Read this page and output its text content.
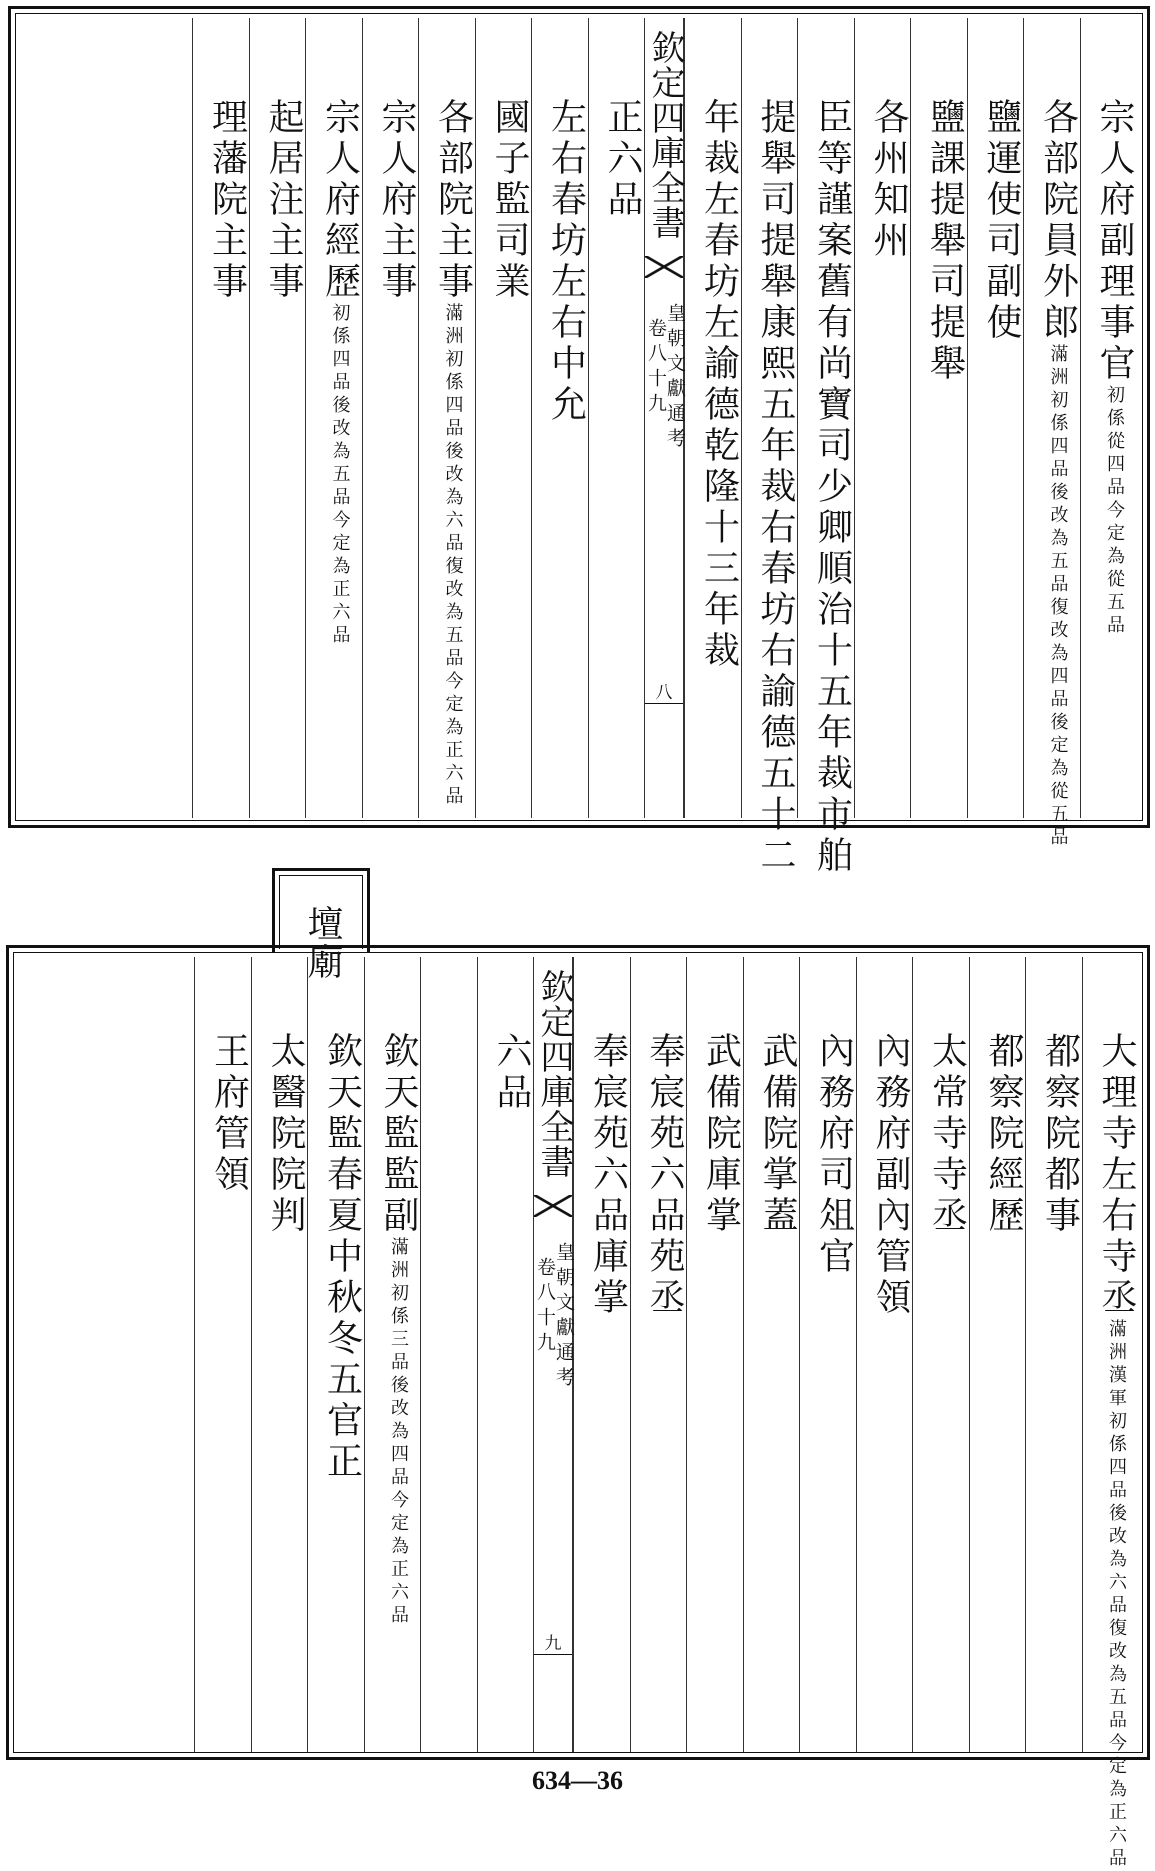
壇廟
宗人府副理事官初係從四品今定為從五品
各部院員外郎滿洲初係四品後改為五品復改為四品後定為從五品
鹽運使司副使
鹽課提舉司提舉
各州知州
臣等謹案舊有尚寶司少卿順治十五年裁市舶
提舉司提舉康熙五年裁右春坊右諭德五十二
年裁左春坊左諭德乾隆十三年裁
欽定四庫全書
皇朝文獻通考
卷八十九
八
正六品
左右春坊左右中允
國子監司業
各部院主事滿洲初係四品後改為六品復改為五品今定為正六品
宗人府主事
宗人府經歷初係四品後改為五品今定為正六品
起居注主事
理藩院主事
大理寺左右寺丞滿洲漢軍初係四品後改為六品復改為五品今定為正六品
都察院都事
都察院經歷
太常寺寺丞
內務府副內管領
內務府司俎官
武備院掌蓋
武備院庫掌
奉宸苑六品苑丞
奉宸苑六品庫掌
欽定四庫全書
皇朝文獻通考
卷八十九
九
六品
欽天監監副滿洲初係三品後改為四品今定為正六品
欽天監春夏中秋冬五官正
太醫院院判
王府管領
634—36
